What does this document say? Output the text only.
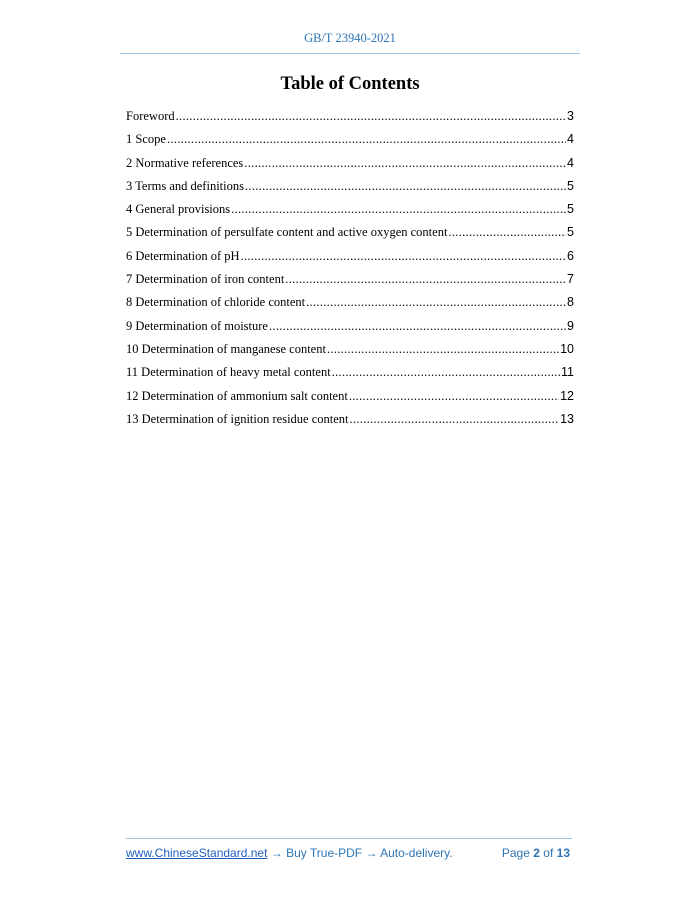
GB/T 23940-2021
Table of Contents
Foreword .....	3
1 Scope .....	4
2 Normative references .....	4
3 Terms and definitions .....	5
4 General provisions .....	5
5 Determination of persulfate content and active oxygen content .....	5
6 Determination of pH .....	6
7 Determination of iron content .....	7
8 Determination of chloride content .....	8
9 Determination of moisture .....	9
10 Determination of manganese content .....	10
11 Determination of heavy metal content .....	11
12 Determination of ammonium salt content .....	12
13 Determination of ignition residue content .....	13
www.ChineseStandard.net → Buy True-PDF → Auto-delivery.	Page 2 of 13
